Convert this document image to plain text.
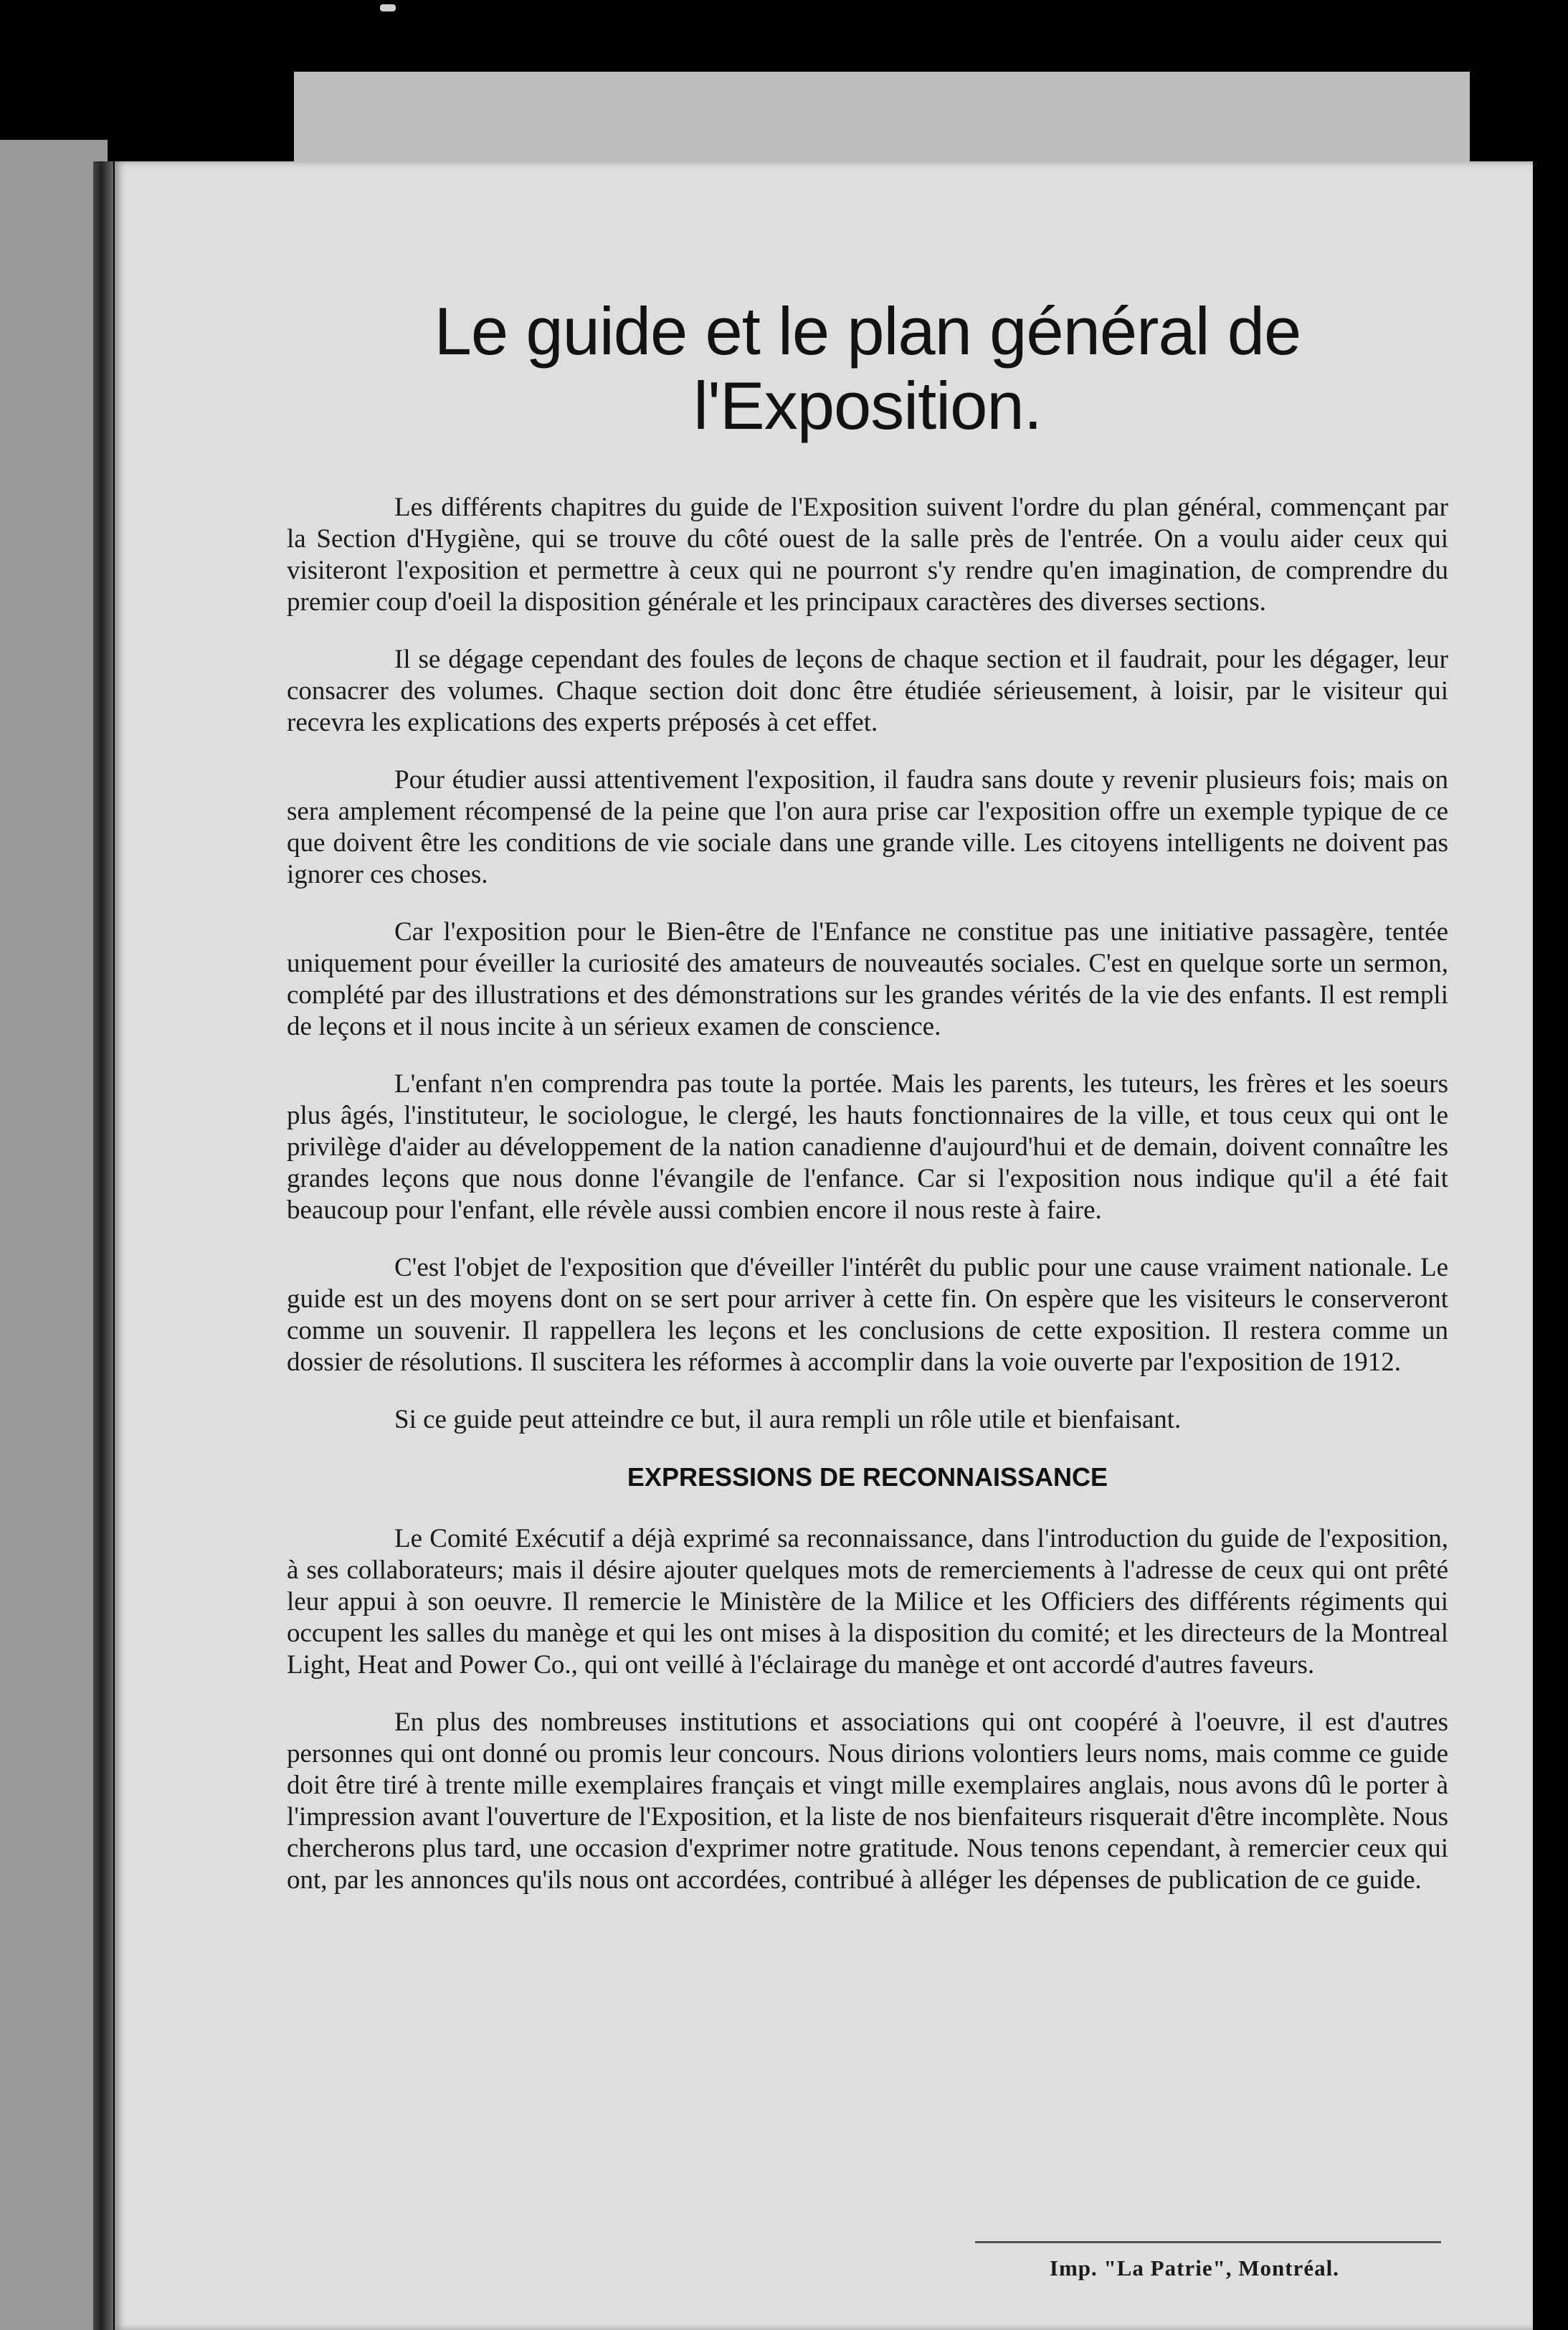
Le guide et le plan général de
l'Exposition.

Les différents chapitres du guide de l'Exposition suivent l'ordre du plan général, commençant par la Section d'Hygiène, qui se trouve du côté ouest de la salle près de l'entrée. On a voulu aider ceux qui visiteront l'exposition et permettre à ceux qui ne pourront s'y rendre qu'en imagination, de comprendre du premier coup d'oeil la disposition générale et les principaux caractères des diverses sections.

Il se dégage cependant des foules de leçons de chaque section et il faudrait, pour les dégager, leur consacrer des volumes. Chaque section doit donc être étudiée sérieusement, à loisir, par le visiteur qui recevra les explications des experts préposés à cet effet.

Pour étudier aussi attentivement l'exposition, il faudra sans doute y revenir plusieurs fois; mais on sera amplement récompensé de la peine que l'on aura prise car l'exposition offre un exemple typique de ce que doivent être les conditions de vie sociale dans une grande ville. Les citoyens intelligents ne doivent pas ignorer ces choses.

Car l'exposition pour le Bien-être de l'Enfance ne constitue pas une initiative passagère, tentée uniquement pour éveiller la curiosité des amateurs de nouveautés sociales. C'est en quelque sorte un sermon, complété par des illustrations et des démonstrations sur les grandes vérités de la vie des enfants. Il est rempli de leçons et il nous incite à un sérieux examen de conscience.

L'enfant n'en comprendra pas toute la portée. Mais les parents, les tuteurs, les frères et les soeurs plus âgés, l'instituteur, le sociologue, le clergé, les hauts fonctionnaires de la ville, et tous ceux qui ont le privilège d'aider au développement de la nation canadienne d'aujourd'hui et de demain, doivent connaître les grandes leçons que nous donne l'évangile de l'enfance. Car si l'exposition nous indique qu'il a été fait beaucoup pour l'enfant, elle révèle aussi combien encore il nous reste à faire.

C'est l'objet de l'exposition que d'éveiller l'intérêt du public pour une cause vraiment nationale. Le guide est un des moyens dont on se sert pour arriver à cette fin. On espère que les visiteurs le conserveront comme un souvenir. Il rappellera les leçons et les conclusions de cette exposition. Il restera comme un dossier de résolutions. Il suscitera les réformes à accomplir dans la voie ouverte par l'exposition de 1912.

Si ce guide peut atteindre ce but, il aura rempli un rôle utile et bienfaisant.

EXPRESSIONS DE RECONNAISSANCE

Le Comité Exécutif a déjà exprimé sa reconnaissance, dans l'introduction du guide de l'exposition, à ses collaborateurs; mais il désire ajouter quelques mots de remerciements à l'adresse de ceux qui ont prêté leur appui à son oeuvre. Il remercie le Ministère de la Milice et les Officiers des différents régiments qui occupent les salles du manège et qui les ont mises à la disposition du comité; et les directeurs de la Montreal Light, Heat and Power Co., qui ont veillé à l'éclairage du manège et ont accordé d'autres faveurs.

En plus des nombreuses institutions et associations qui ont coopéré à l'oeuvre, il est d'autres personnes qui ont donné ou promis leur concours. Nous dirions volontiers leurs noms, mais comme ce guide doit être tiré à trente mille exemplaires français et vingt mille exemplaires anglais, nous avons dû le porter à l'impression avant l'ouverture de l'Exposition, et la liste de nos bienfaiteurs risquerait d'être incomplète. Nous chercherons plus tard, une occasion d'exprimer notre gratitude. Nous tenons cependant, à remercier ceux qui ont, par les annonces qu'ils nous ont accordées, contribué à alléger les dépenses de publication de ce guide.

Imp. "La Patrie", Montréal.
